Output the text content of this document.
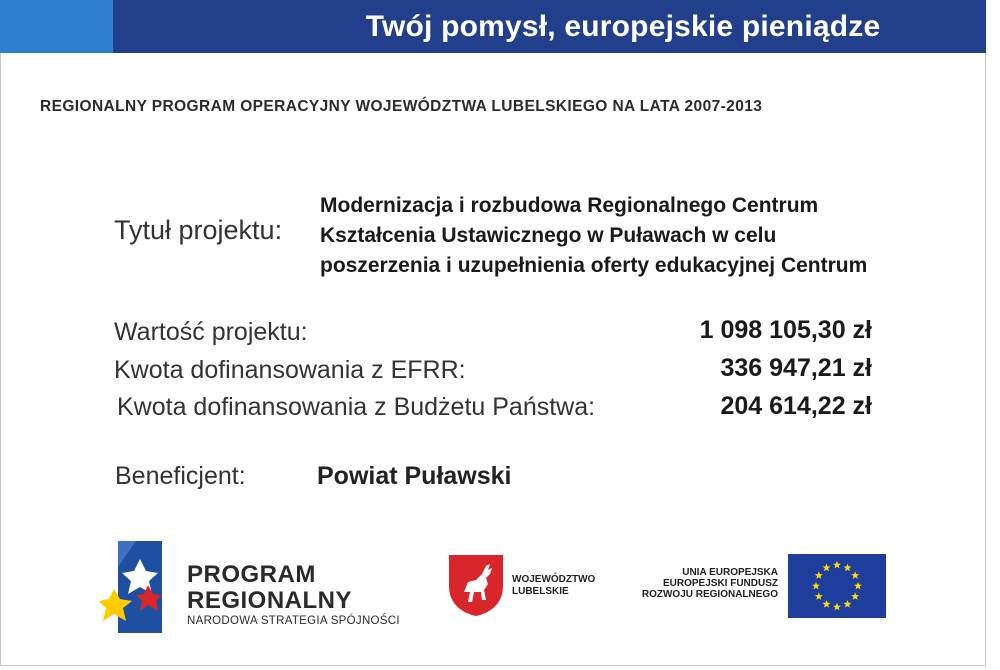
Twój pomysł, europejskie pieniądze
REGIONALNY PROGRAM OPERACYJNY WOJEWÓDZTWA LUBELSKIEGO NA LATA 2007-2013
Tytuł projektu:
Modernizacja i rozbudowa Regionalnego Centrum
Kształcenia Ustawicznego w Puławach w celu
poszerzenia i uzupełnienia oferty edukacyjnej Centrum
Wartość projektu:	1 098 105,30 zł
Kwota dofinansowania z EFRR:	336 947,21 zł
Kwota dofinansowania z Budżetu Państwa:	204 614,22 zł
Beneficjent:	Powiat Puławski
PROGRAM
REGIONALNY
NARODOWA STRATEGIA SPÓJNOŚCI
WOJEWÓDZTWO
LUBELSKIE
UNIA EUROPEJSKA
EUROPEJSKI FUNDUSZ
ROZWOJU REGIONALNEGO
